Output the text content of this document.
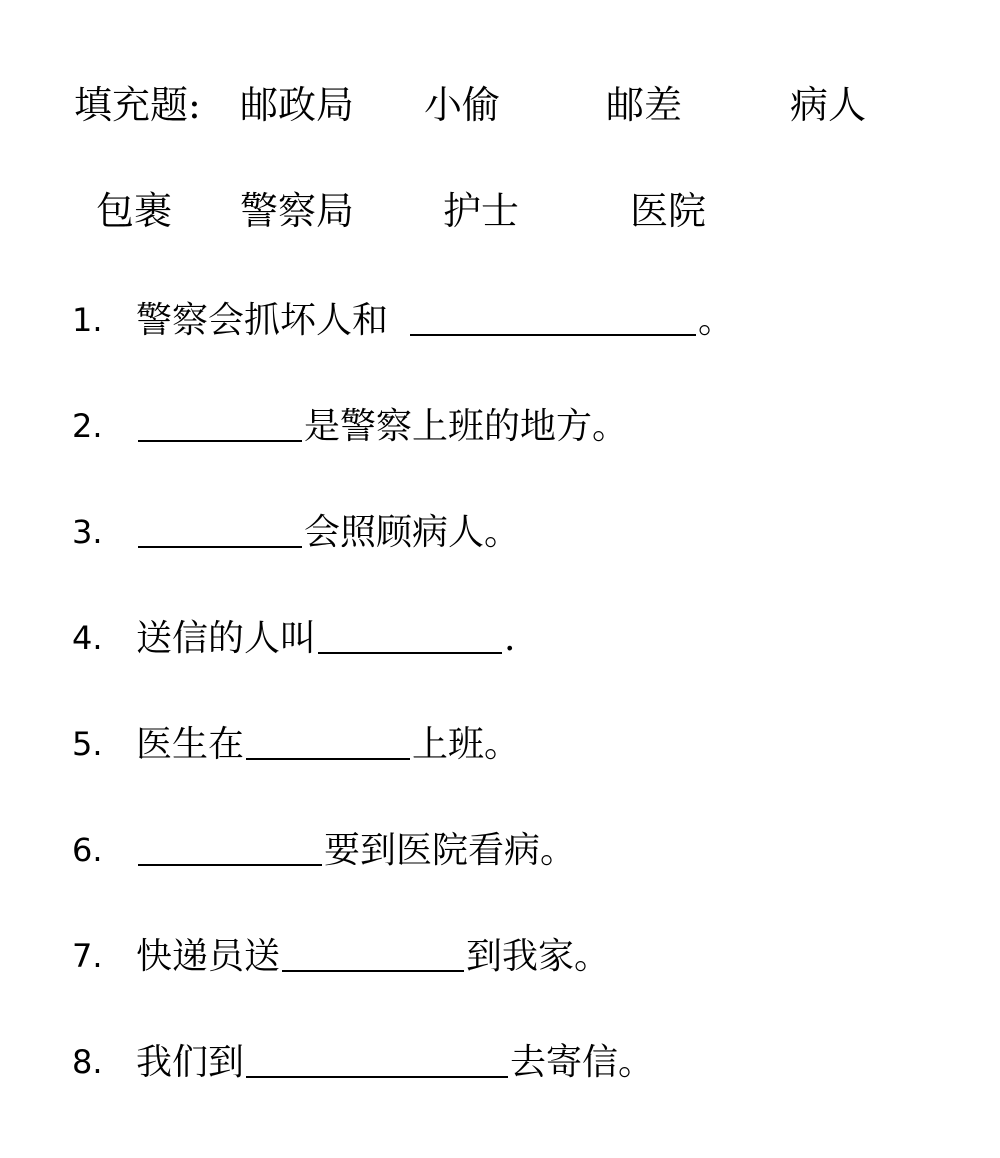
填充题: 邮政局 小偷	邮差	病人
包裹 警察局 护士	医院
1. 警察会抓坏人和	。
2.	是警察上班的地方。
3.	会照顾病人。
4. 送信的人叫	.
5. 医生在	上班。
6.	要到医院看病。
7. 快递员送	到我家。
8. 我们到	去寄信。
